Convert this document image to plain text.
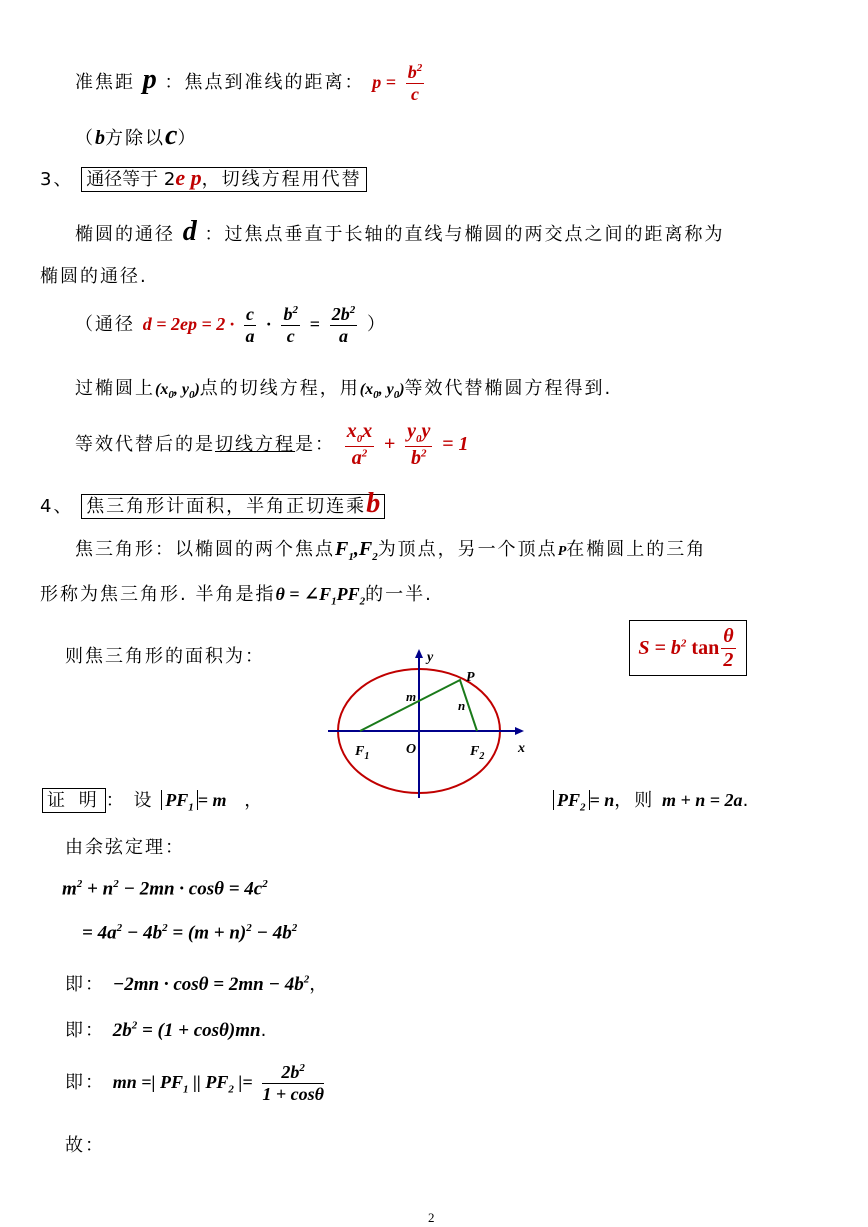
准焦距 p ：焦点到准线的距离： $p = \frac{b^2}{c}$
（b方除以c）
3、 通径等于 2e p，切线方程用代替
椭圆的通径 d ：过焦点垂直于长轴的直线与椭圆的两交点之间的距离称为
椭圆的通径.
（通径 $d = 2ep = 2 \cdot \frac{c}{a} \cdot \frac{b^2}{c} = \frac{2b^2}{a}$ ）
过椭圆上($x_0$, $y_0$)点的切线方程，用($x_0$, $y_0$)等效代替椭圆方程得到.
等效代替后的是切线方程是： $\frac{x_0x}{a^2} + \frac{y_0y}{b^2} = 1$
4、 焦三角形计面积，半角正切连乘b
焦三角形：以椭圆的两个焦点$F_1,F_2$为顶点，另一个顶点P在椭圆上的三角
形称为焦三角形. 半角是指$\theta = \angle F_1PF_2$的一半.
则焦三角形的面积为：	$S = b^2$ $\tan \frac{\theta}{2}$
y
x
P
m
n
$F_1$	O	$F_2$
证 明 ： 设 $PF_1 = m$ ，	$PF_2 = n$，则 m + n = 2a.
由余弦定理：
$m^2 + n^2 - 2mn \cdot \cos\theta = 4c^2$
= $4a^2 - 4b^2 = (m + n)^2 - 4b^2$
即： $-2mn \cdot \cos\theta = 2mn - 4b^2$，
即： $2b^2 = (1 + \cos\theta)mn$.
即： mn =| $PF_1$ || $PF_2$ |= $\frac{2b^2}{1 + \cos\theta}$
故：
2
